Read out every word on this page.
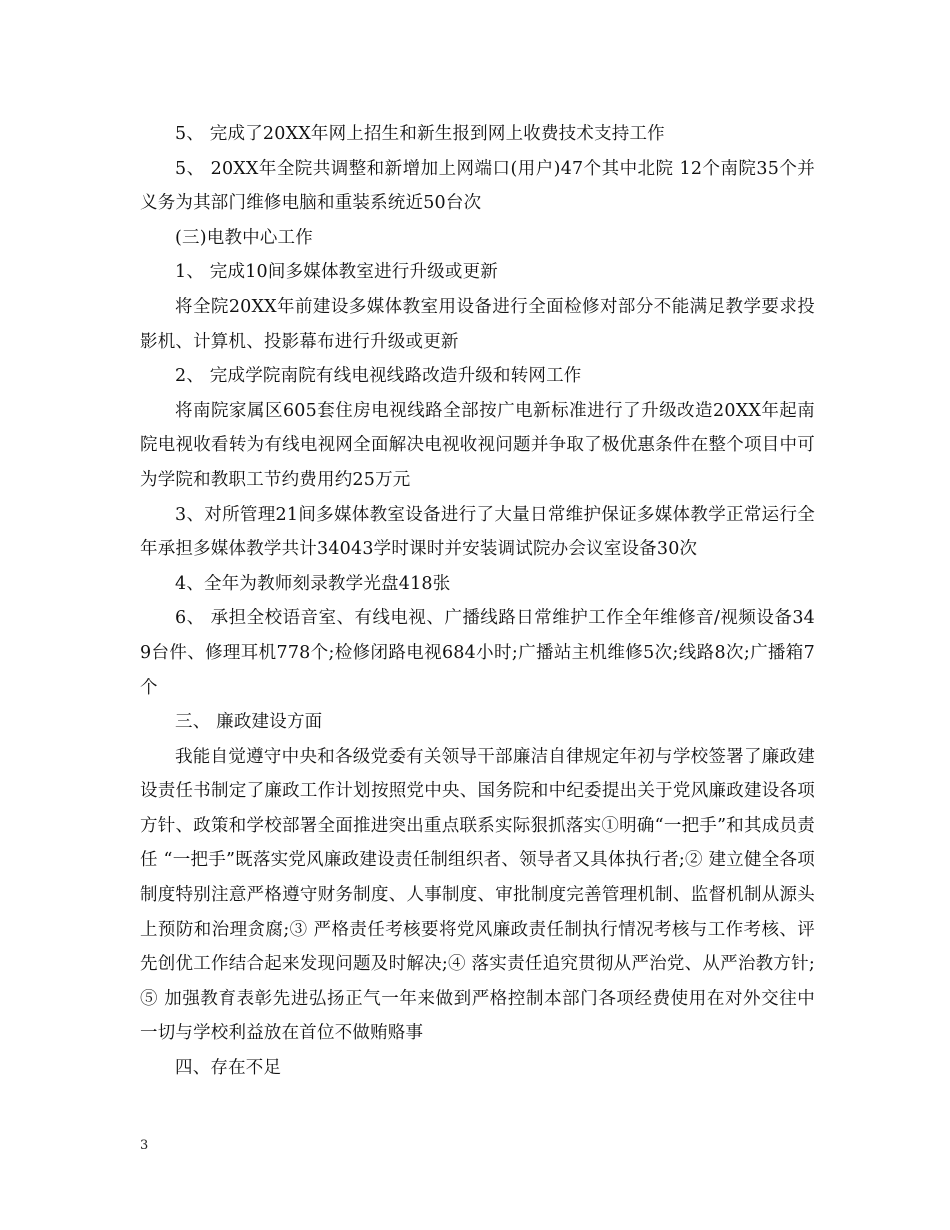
5、 完成了20XX年网上招生和新生报到网上收费技术支持工作

5、 20XX年全院共调整和新增加上网端口(用户)47个其中北院 12个南院35个并义务为其部门维修电脑和重装系统近50台次

(三)电教中心工作

1、 完成10间多媒体教室进行升级或更新

将全院20XX年前建设多媒体教室用设备进行全面检修对部分不能满足教学要求投影机、计算机、投影幕布进行升级或更新

2、 完成学院南院有线电视线路改造升级和转网工作

将南院家属区605套住房电视线路全部按广电新标准进行了升级改造20XX年起南院电视收看转为有线电视网全面解决电视收视问题并争取了极优惠条件在整个项目中可为学院和教职工节约费用约25万元

3、对所管理21间多媒体教室设备进行了大量日常维护保证多媒体教学正常运行全年承担多媒体教学共计34043学时课时并安装调试院办会议室设备30次

4、全年为教师刻录教学光盘418张

6、 承担全校语音室、有线电视、广播线路日常维护工作全年维修音/视频设备349台件、修理耳机778个;检修闭路电视684小时;广播站主机维修5次;线路8次;广播箱7个

三、 廉政建设方面

我能自觉遵守中央和各级党委有关领导干部廉洁自律规定年初与学校签署了廉政建设责任书制定了廉政工作计划按照党中央、国务院和中纪委提出关于党风廉政建设各项方针、政策和学校部署全面推进突出重点联系实际狠抓落实①明确“一把手”和其成员责任 “一把手”既落实党风廉政建设责任制组织者、领导者又具体执行者;② 建立健全各项制度特别注意严格遵守财务制度、人事制度、审批制度完善管理机制、监督机制从源头上预防和治理贪腐;③ 严格责任考核要将党风廉政责任制执行情况考核与工作考核、评先创优工作结合起来发现问题及时解决;④ 落实责任追究贯彻从严治党、从严治教方针;⑤ 加强教育表彰先进弘扬正气一年来做到严格控制本部门各项经费使用在对外交往中一切与学校利益放在首位不做贿赂事

四、存在不足

3
